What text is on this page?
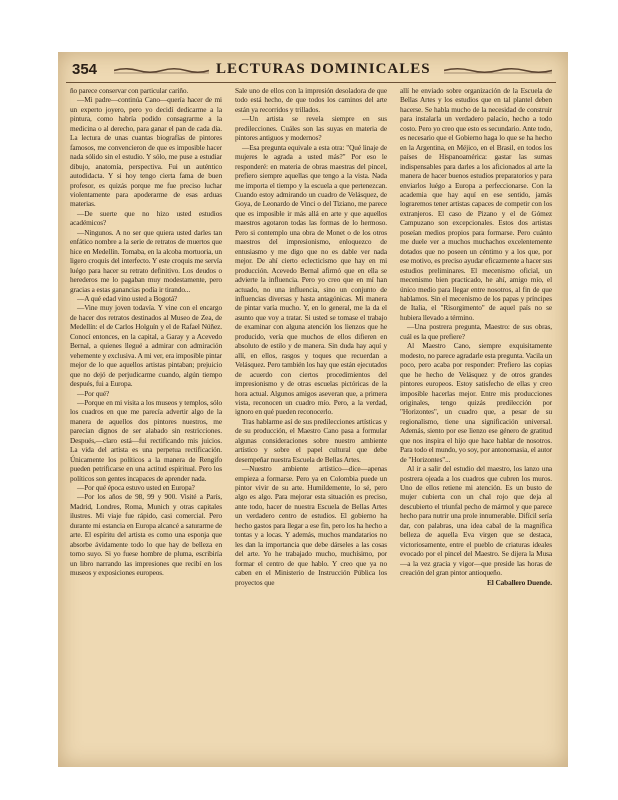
354	LECTURAS DOMINICALES

ño parece conservar con particular cariño.

—Mi padre—continúa Cano—quería hacer de mi un experto joyero, pero yo decidí dedicarme a la pintura, como habría podido consagrarme a la medicina o al derecho, para ganar el pan de cada día. La lectura de unas cuantas biografías de pintores famosos, me convencieron de que es imposible hacer nada sólido sin el estudio. Y sólo, me puse a estudiar dibujo, anatomía, perspectiva. Fui un auténtico autodidacta. Y si hoy tengo cierta fama de buen profesor, es quizás porque me fue preciso luchar violentamente para apoderarme de esas arduas materias.

—De suerte que no hizo usted estudios académicos?

—Ningunos. A no ser que quiera usted darles tan enfático nombre a la serie de retratos de muertos que hice en Medellín. Tomaba, en la alcoba mortuoria, un ligero croquis del interfecto. Y este croquis me servía luégo para hacer su retrato definitivo. Los deudos o herederos me lo pagaban muy modestamente, pero gracias a estas ganancias podía ir tirando...

—A qué edad vino usted a Bogotá?

—Vine muy joven todavía. Y vine con el encargo de hacer dos retratos destinados al Museo de Zea, de Medellín: el de Carlos Holguín y el de Rafael Núñez. Conocí entonces, en la capital, a Garay y a Acevedo Bernal, a quienes llegué a admirar con admiración vehemente y exclusiva. A mi ver, era imposible pintar mejor de lo que aquellos artistas pintaban; prejuicio que no dejó de perjudicarme cuando, algún tiempo después, fui a Europa.

—Por qué?

—Porque en mi visita a los museos y templos, sólo los cuadros en que me parecía advertir algo de la manera de aquellos dos pintores nuestros, me parecían dignos de ser alabado sin restricciones. Después,—claro está—fui rectificando mis juicios. La vida del artista es una perpetua rectificación. Únicamente los políticos a la manera de Rengifo pueden petrificarse en una actitud espiritual. Pero los políticos son gentes incapaces de aprender nada.

—Por qué época estuvo usted en Europa?

—Por los años de 98, 99 y 900. Visité a París, Madrid, Londres, Roma, Munich y otras capitales ilustres. Mi viaje fue rápido, casi comercial. Pero durante mi estancia en Europa alcancé a saturarme de arte. El espíritu del artista es como una esponja que absorbe ávidamente todo lo que hay de belleza en torno suyo. Si yo fuese hombre de pluma, escribiría un libro narrando las impresiones que recibí en los museos y exposiciones europeos.

Sale uno de ellos con la impresión desoladora de que todo está hecho, de que todos los caminos del arte están ya recorridos y trillados.

—Un artista se revela siempre en sus predilecciones. Cuáles son las suyas en materia de pintores antiguos y modernos?

—Esa pregunta equivale a esta otra: "Qué linaje de mujeres le agrada a usted más?" Por eso le responderé: en materia de obras maestras del pincel, prefiero siempre aquellas que tengo a la vista. Nada me importa el tiempo y la escuela a que pertenezcan. Cuando estoy admirando un cuadro de Velásquez, de Goya, de Leonardo de Vinci o del Tiziano, me parece que es imposible ir más allá en arte y que aquellos maestros agotaron todas las formas de lo hermoso. Pero si contemplo una obra de Monet o de los otros maestros del impresionismo, enloquezco de entusiasmo y me digo que no es dable ver nada mejor. De ahí cierto eclecticismo que hay en mi producción. Acevedo Bernal afirmó que en ella se advierte la influencia. Pero yo creo que en mí han actuado, no una influencia, sino un conjunto de influencias diversas y hasta antagónicas. Mi manera de pintar varía mucho. Y, en lo general, me la da el asunto que voy a tratar. Si usted se tomase el trabajo de examinar con alguna atención los lienzos que he producido, vería que muchos de ellos difieren en absoluto de estilo y de manera. Sin duda hay aquí y allí, en ellos, rasgos y toques que recuerdan a Velásquez. Pero también los hay que están ejecutados de acuerdo con ciertos procedimientos del impresionismo y de otras escuelas pictóricas de la hora actual. Algunos amigos aseveran que, a primera vista, reconocen un cuadro mío. Pero, a la verdad, ignoro en qué pueden reconocerlo.

Tras hablarme así de sus predilecciones artísticas y de su producción, el Maestro Cano pasa a formular algunas consideraciones sobre nuestro ambiente artístico y sobre el papel cultural que debe desempeñar nuestra Escuela de Bellas Artes.

—Nuestro ambiente artístico—dice—apenas empieza a formarse. Pero ya en Colombia puede un pintor vivir de su arte. Humildemente, lo sé, pero algo es algo. Para mejorar esta situación es preciso, ante todo, hacer de nuestra Escuela de Bellas Artes un verdadero centro de estudios. El gobierno ha hecho gastos para llegar a ese fin, pero los ha hecho a tontas y a locas. Y además, muchos mandatarios no les dan la importancia que debe dárseles a las cosas del arte. Yo he trabajado mucho, muchísimo, por formar el centro de que hablo. Y creo que ya no caben en el Ministerio de Instrucción Pública los proyectos que

allí he enviado sobre organización de la Escuela de Bellas Artes y los estudios que en tal plantel deben hacerse. Se habla mucho de la necesidad de construir para instalarla un verdadero palacio, hecho a todo costo. Pero yo creo que esto es secundario. Ante todo, es necesario que el Gobierno haga lo que se ha hecho en la Argentina, en Méjico, en el Brasil, en todos los países de Hispanoamérica: gastar las sumas indispensables para darles a los aficionados al arte la manera de hacer buenos estudios preparatorios y para enviarlos luégo a Europa a perfeccionarse. Con la academia que hay aquí en ese sentido, jamás lograremos tener artistas capaces de competir con los extranjeros. El caso de Pizano y el de Gómez Campuzano son excepcionales. Estos dos artistas poseían medios propios para formarse. Pero cuánto me duele ver a muchos muchachos excelentemente dotados que no poseen un céntimo y a los que, por ese motivo, es preciso ayudar eficazmente a hacer sus estudios preliminares. El mecenismo oficial, un mecenismo bien practicado, he ahí, amigo mío, el único medio para llegar entre nosotros, al fin de que hablamos. Sin el mecenismo de los papas y príncipes de Italia, el "Risorgimento" de aquel país no se hubiera llevado a término.

—Una postrera pregunta, Maestro: de sus obras, cuál es la que prefiere?

Al Maestro Cano, siempre exquisitamente modesto, no parece agradarle esta pregunta. Vacila un poco, pero acaba por responder: Prefiero las copias que he hecho de Velásquez y de otros grandes pintores europeos. Estoy satisfecho de ellas y creo imposible hacerlas mejor. Entre mis producciones originales, tengo quizás predilección por "Horizontes", un cuadro que, a pesar de su regionalismo, tiene una significación universal. Además, siento por ese lienzo ese género de gratitud que nos inspira el hijo que hace hablar de nosotros. Para todo el mundo, yo soy, por antonomasia, el autor de "Horizontes"...

Al ir a salir del estudio del maestro, los lanzo una postrera ojeada a los cuadros que cubren los muros. Uno de ellos retiene mi atención. Es un busto de mujer cubierta con un chal rojo que deja al descubierto el triunfal pecho de mármol y que parece hecho para nutrir una prole innumerable. Difícil sería dar, con palabras, una idea cabal de la magnífica belleza de aquella Eva virgen que se destaca, victoriosamente, entre el pueblo de criaturas ideales evocado por el pincel del Maestro. Se dijera la Musa—a la vez gracia y vigor—que preside las horas de creación del gran pintor antioqueño.

El Caballero Duende.
